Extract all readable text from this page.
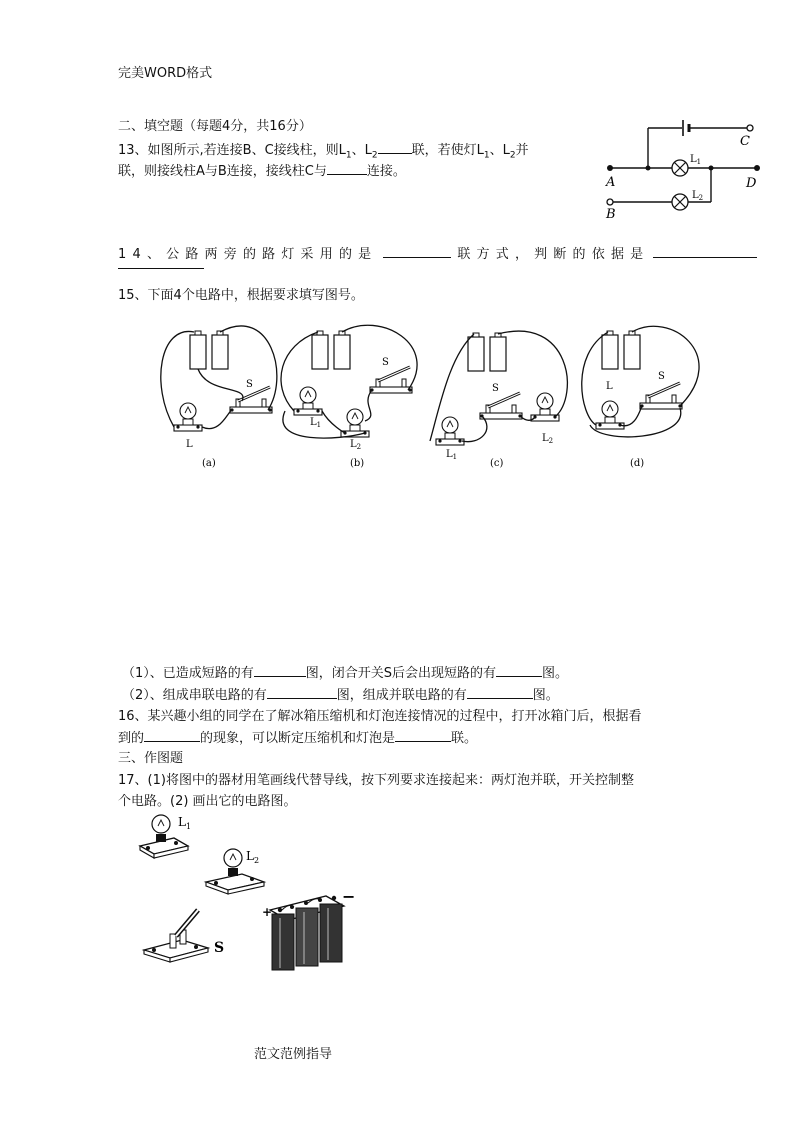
完美WORD格式
二、填空题（每题4分，共16分）
13、如图所示,若连接B、C接线柱，则$L_1$、$L_2$	联，若使灯$L_1$、$L_2$并
联，则接线柱A与B连接，接线柱C与	连接。
C
$L_1$
A	D
$L_2$
B
14、公路两旁的路灯采用的是	联方式，判断的依据是
15、下面4个电路中，根据要求填写图号。
S
L
(a)
S
$L_1$
$L_2$
(b)
S
$L_1$
$L_2$
(c)
L
S
(d)
（1）、已造成短路的有	图，闭合开关S后会出现短路的有	图。
（2）、组成串联电路的有	图，组成并联电路的有	图。
16、某兴趣小组的同学在了解冰箱压缩机和灯泡连接情况的过程中，打开冰箱门后，根据看
到的	的现象，可以断定压缩机和灯泡是	联。
三、作图题
17、(1)将图中的器材用笔画线代替导线，按下列要求连接起来：两灯泡并联，开关控制整
个电路。(2) 画出它的电路图。
$L_1$
$L_2$
S
+
−
范文范例指导
